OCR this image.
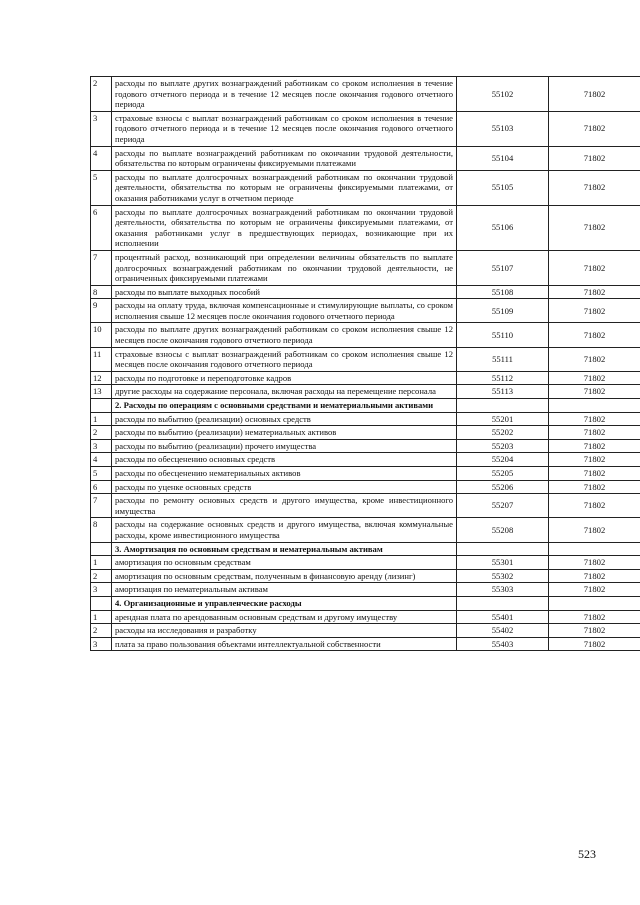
2	расходы по выплате других вознаграждений работникам со сроком исполнения в течение годового отчетного периода и в течение 12 месяцев после окончания годового отчетного периода	55102	71802
3	страховые взносы с выплат вознаграждений работникам со сроком исполнения в течение годового отчетного периода и в течение 12 месяцев после окончания годового отчетного периода	55103	71802
4	расходы по выплате вознаграждений работникам по окончании трудовой деятельности, обязательства по которым ограничены фиксируемыми платежами	55104	71802
5	расходы по выплате долгосрочных вознаграждений работникам по окончании трудовой деятельности, обязательства по которым не ограничены фиксируемыми платежами, от оказания работниками услуг в отчетном периоде	55105	71802
6	расходы по выплате долгосрочных вознаграждений работникам по окончании трудовой деятельности, обязательства по которым не ограничены фиксируемыми платежами, от оказания работниками услуг в предшествующих периодах, возникающие при их исполнении	55106	71802
7	процентный расход, возникающий при определении величины обязательств по выплате долгосрочных вознаграждений работникам по окончании трудовой деятельности, не ограниченных фиксируемыми платежами	55107	71802
8	расходы по выплате выходных пособий	55108	71802
9	расходы на оплату труда, включая компенсационные и стимулирующие выплаты, со сроком исполнения свыше 12 месяцев после окончания годового отчетного периода	55109	71802
10	расходы по выплате других вознаграждений работникам со сроком исполнения свыше 12 месяцев после окончания годового отчетного периода	55110	71802
11	страховые взносы с выплат вознаграждений работникам со сроком исполнения свыше 12 месяцев после окончания годового отчетного периода	55111	71802
12	расходы по подготовке и переподготовке кадров	55112	71802
13	другие расходы на содержание персонала, включая расходы на перемещение персонала	55113	71802
	2. Расходы по операциям с основными средствами и нематериальными активами		
1	расходы по выбытию (реализации) основных средств	55201	71802
2	расходы по выбытию (реализации) нематериальных активов	55202	71802
3	расходы по выбытию (реализации) прочего имущества	55203	71802
4	расходы по обесценению основных средств	55204	71802
5	расходы по обесценению нематериальных активов	55205	71802
6	расходы по уценке основных средств	55206	71802
7	расходы по ремонту основных средств и другого имущества, кроме инвестиционного имущества	55207	71802
8	расходы на содержание основных средств и другого имущества, включая коммунальные расходы, кроме инвестиционного имущества	55208	71802
	3. Амортизация по основным средствам и нематериальным активам		
1	амортизация по основным средствам	55301	71802
2	амортизация по основным средствам, полученным в финансовую аренду (лизинг)	55302	71802
3	амортизация по нематериальным активам	55303	71802
	4. Организационные и управленческие расходы		
1	арендная плата по арендованным основным средствам и другому имуществу	55401	71802
2	расходы на исследования и разработку	55402	71802
3	плата за право пользования объектами интеллектуальной собственности	55403	71802
523
